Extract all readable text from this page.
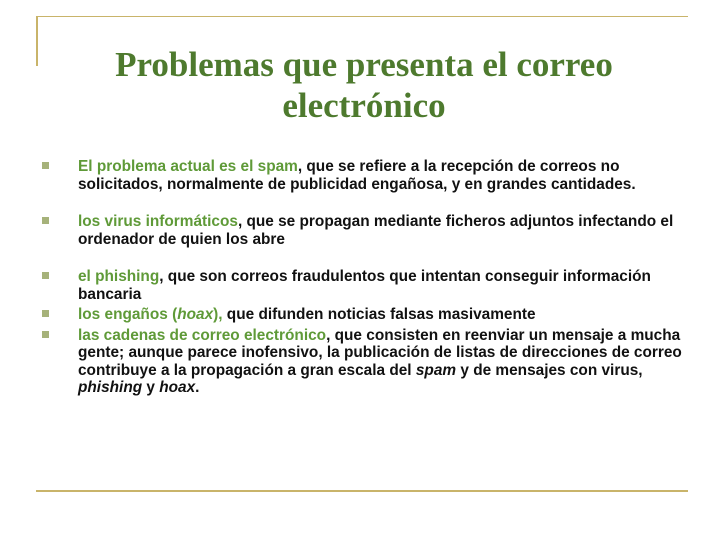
Problemas que presenta el correo electrónico
El problema actual es el spam, que se refiere a la recepción de correos no solicitados, normalmente de publicidad engañosa, y en grandes cantidades.
los virus informáticos, que se propagan mediante ficheros adjuntos infectando el ordenador de quien los abre
el phishing, que son correos fraudulentos que intentan conseguir información bancaria
los engaños (hoax), que difunden noticias falsas masivamente
las cadenas de correo electrónico, que consisten en reenviar un mensaje a mucha gente; aunque parece inofensivo, la publicación de listas de direcciones de correo contribuye a la propagación a gran escala del spam y de mensajes con virus, phishing y hoax.
